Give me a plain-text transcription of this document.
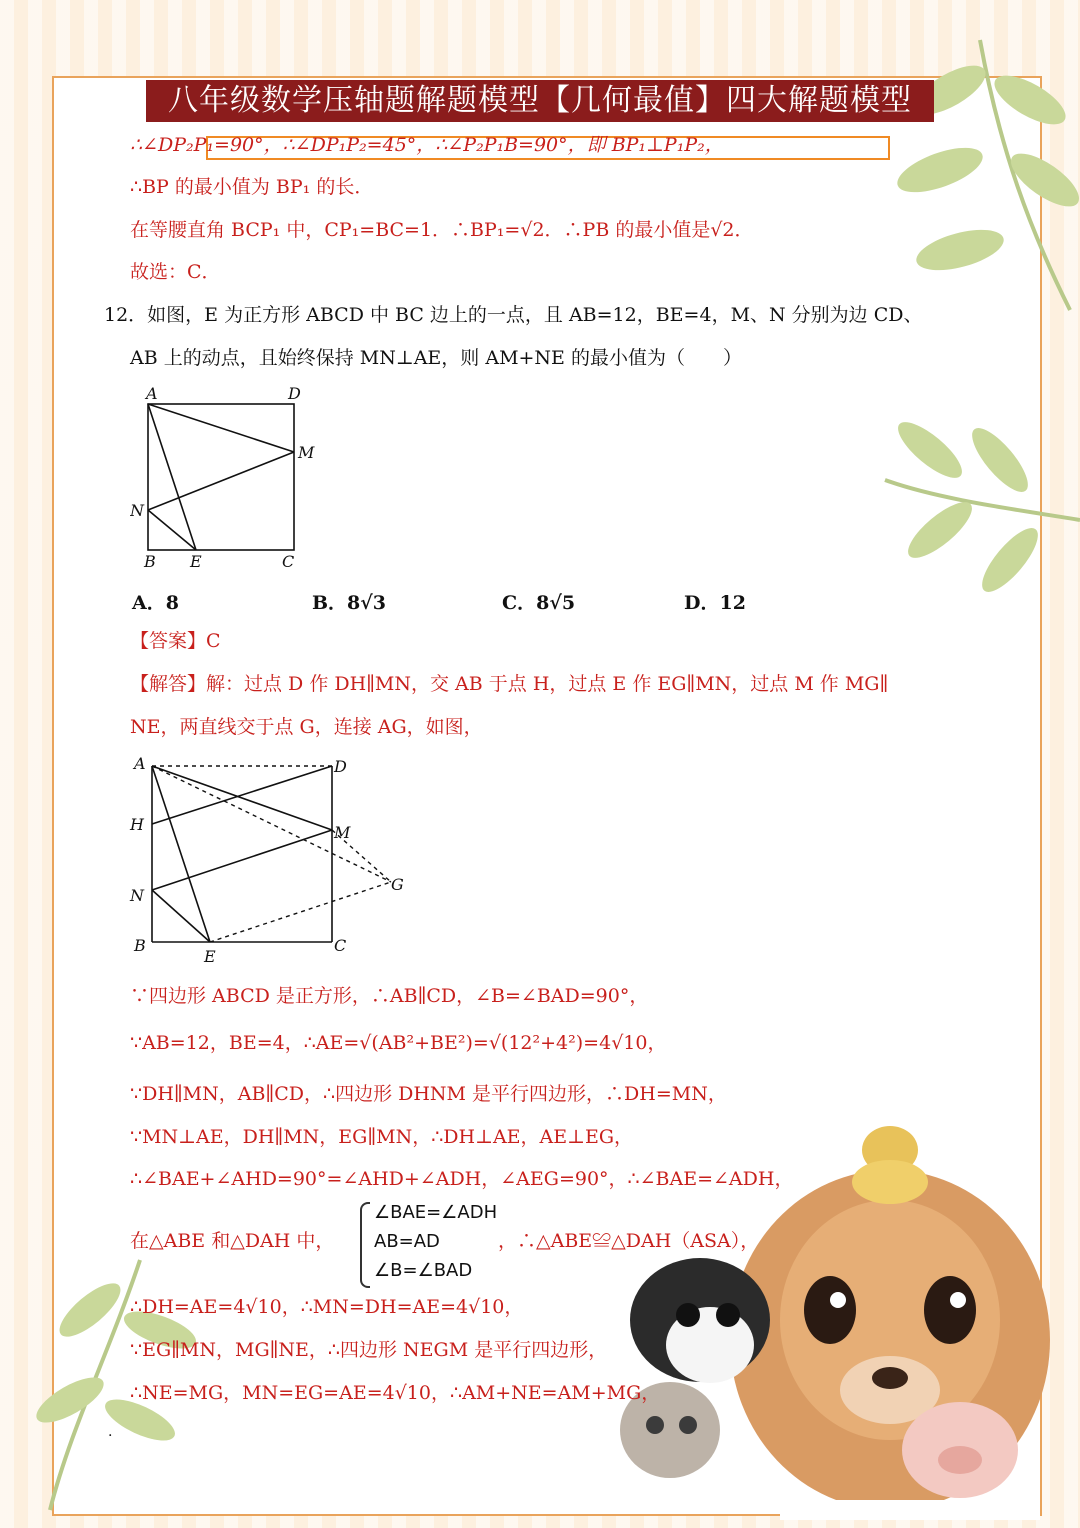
八年级数学压轴题解题模型【几何最值】四大解题模型
∴∠DP₂P₁=90°，∴∠DP₁P₂=45°，∴∠P₂P₁B=90°，即 BP₁⊥P₁P₂，
∴BP 的最小值为 BP₁ 的长．
在等腰直角 BCP₁ 中，CP₁=BC=1．∴BP₁=√2．∴PB 的最小值是√2．
故选：C．
12．如图，E 为正方形 ABCD 中 BC 边上的一点，且 AB=12，BE=4，M、N 分别为边 CD、
AB 上的动点，且始终保持 MN⊥AE，则 AM+NE 的最小值为（　　）
A	D
M
N
B E	C
A．8	B．8√3	C．8√5	D．12
【答案】C
【解答】解：过点 D 作 DH∥MN，交 AB 于点 H，过点 E 作 EG∥MN，过点 M 作 MG∥
NE，两直线交于点 G，连接 AG，如图，
A	D
H	M
G
N
B
E
C
∵四边形 ABCD 是正方形，∴AB∥CD，∠B=∠BAD=90°，
∵AB=12，BE=4，∴AE=√(AB²+BE²)=√(12²+4²)=4√10，
∵DH∥MN，AB∥CD，∴四边形 DHNM 是平行四边形，∴DH=MN，
∵MN⊥AE，DH∥MN，EG∥MN，∴DH⊥AE，AE⊥EG，
∴∠BAE+∠AHD=90°=∠AHD+∠ADH，∠AEG=90°，∴∠BAE=∠ADH，
在△ABE 和△DAH 中，
∠BAE=∠ADH
AB=AD
∠B=∠BAD
，∴△ABE≌△DAH（ASA），
∴DH=AE=4√10，∴MN=DH=AE=4√10，
∵EG∥MN，MG∥NE，∴四边形 NEGM 是平行四边形，
∴NE=MG，MN=EG=AE=4√10，∴AM+NE=AM+MG，
.
